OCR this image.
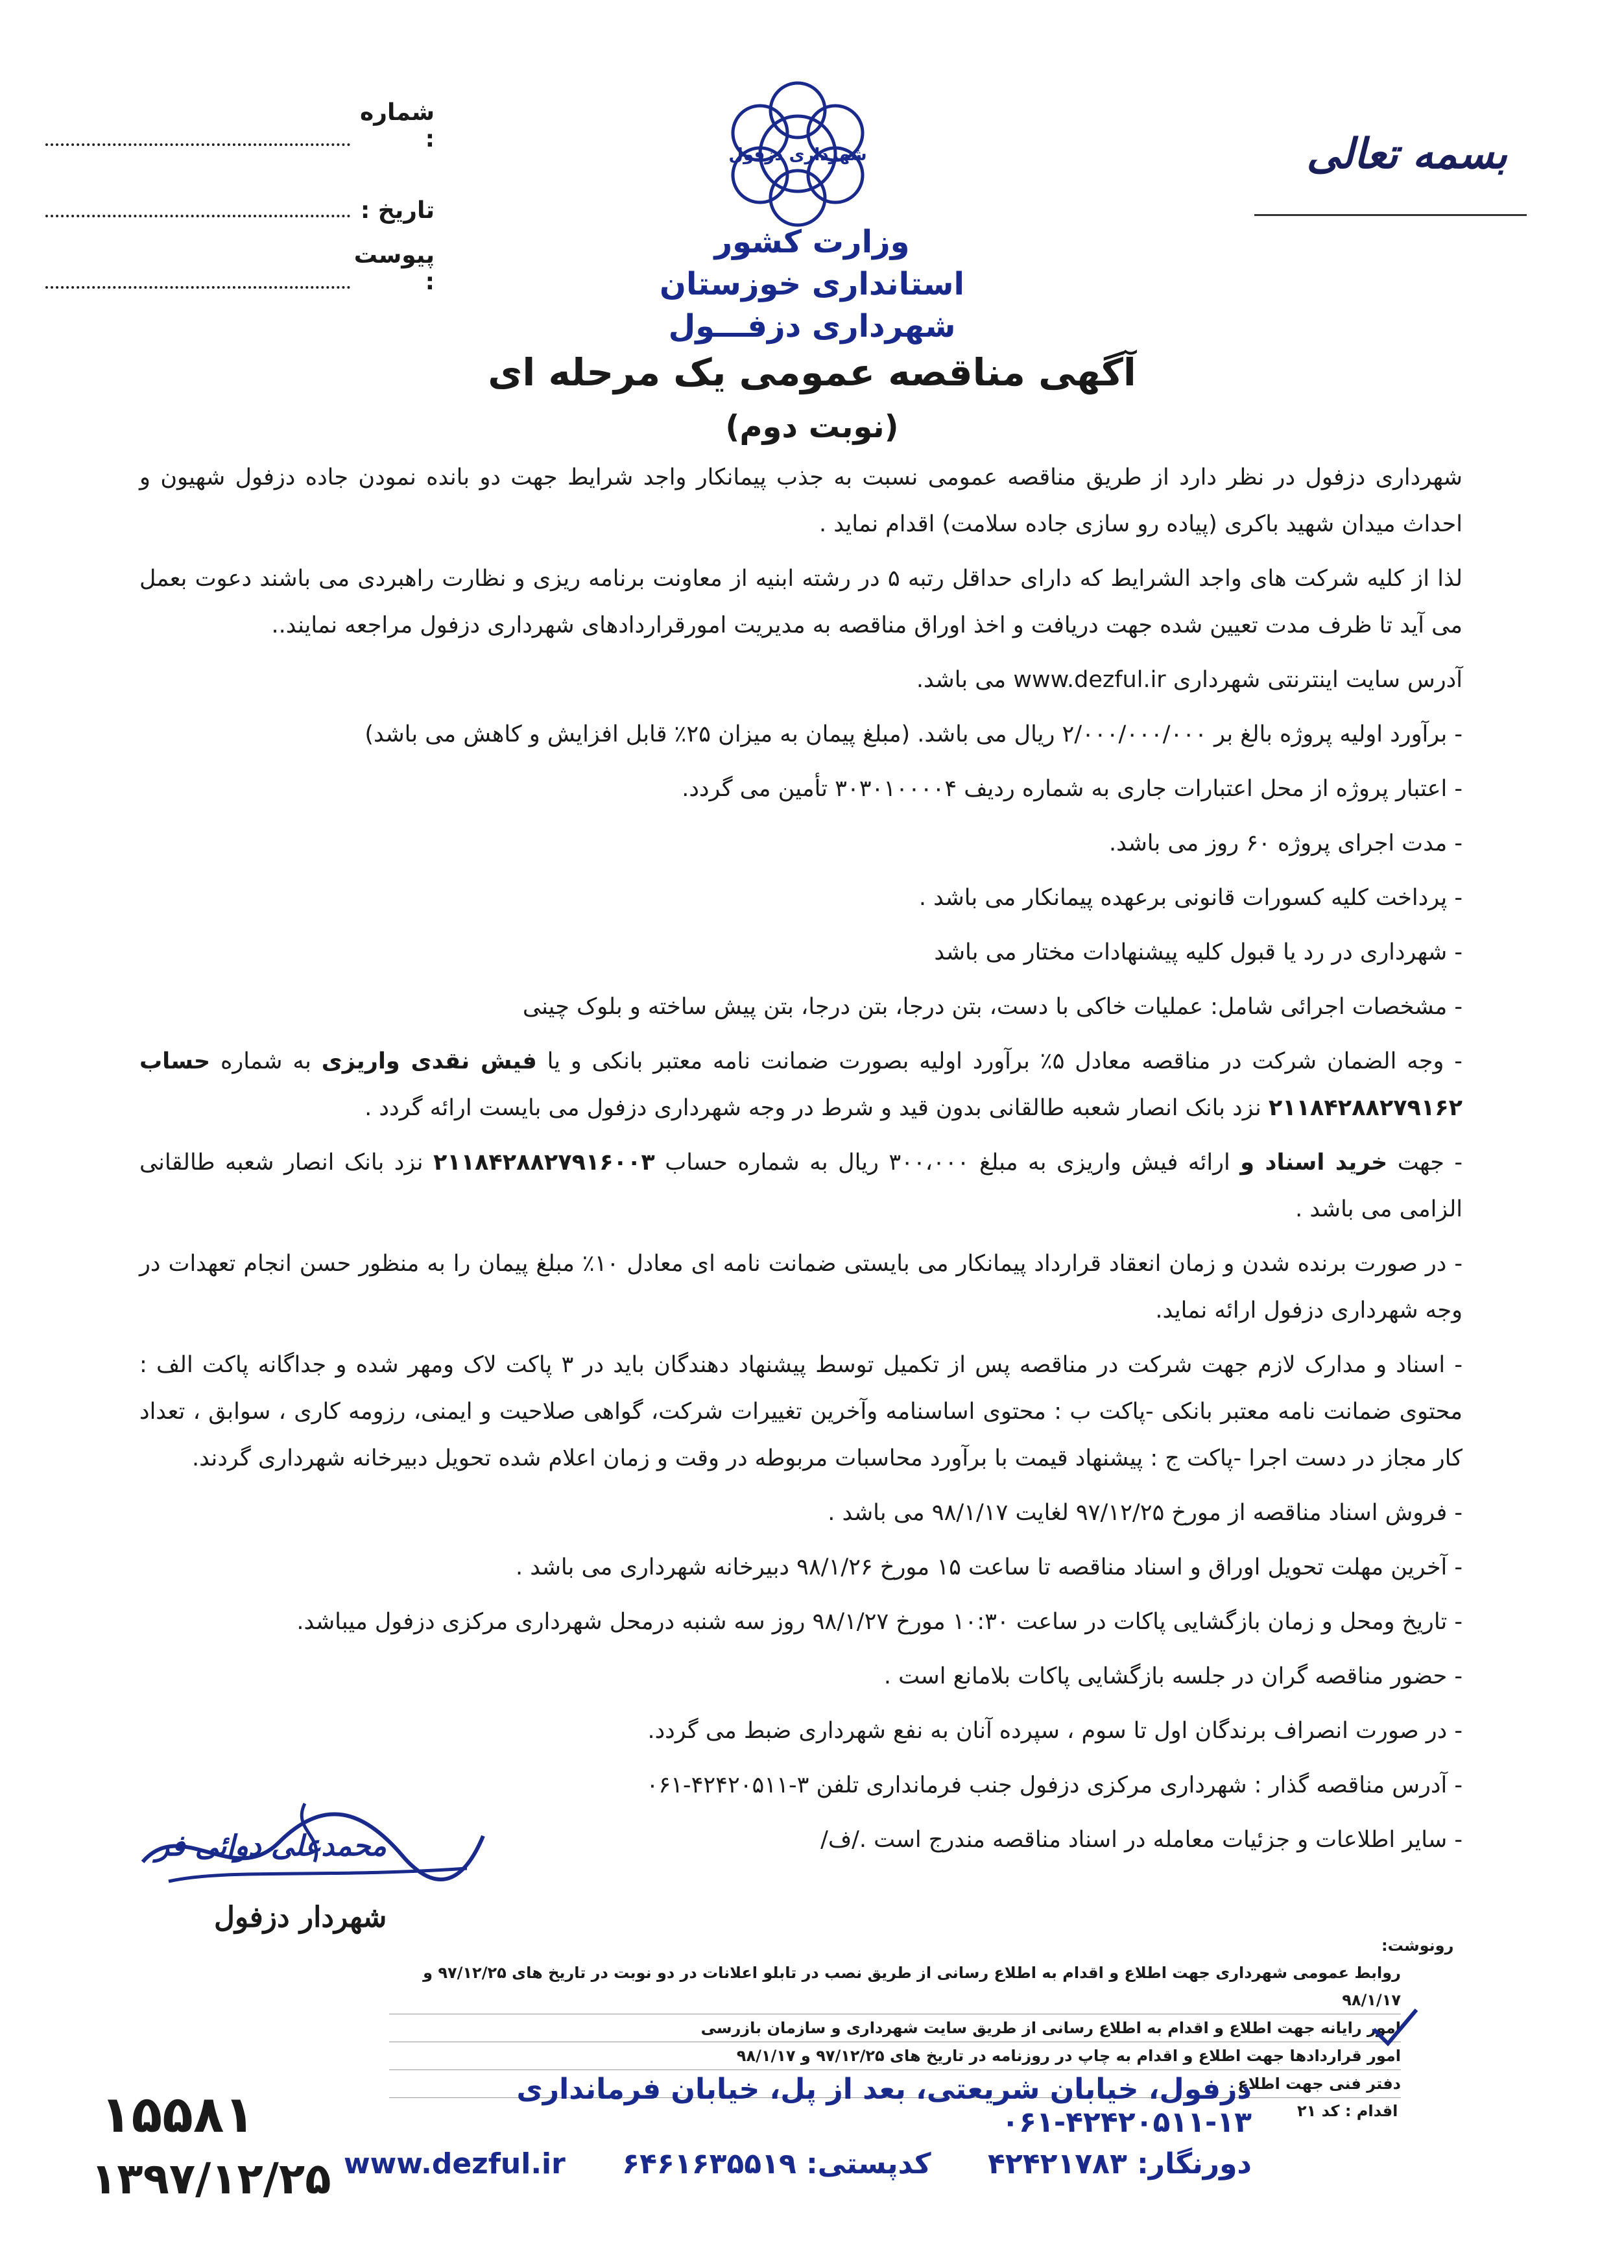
شماره :
تاریخ :
پیوست :
بسمه تعالی
شهرداری دزفول
وزارت کشور
استانداری خوزستان
شهرداری دزفـــول
آگهی مناقصه عمومی یک مرحله ای
(نوبت دوم)

شهرداری دزفول در نظر دارد از طریق مناقصه عمومی نسبت به جذب پیمانکار واجد شرایط جهت دو بانده نمودن جاده دزفول شهیون و احداث میدان شهید باکری (پیاده رو سازی جاده سلامت) اقدام نماید .

لذا از کلیه شرکت های واجد الشرایط که دارای حداقل رتبه ۵ در رشته ابنیه از معاونت برنامه ریزی و نظارت راهبردی می باشند دعوت بعمل می آید تا ظرف مدت تعیین شده جهت دریافت و اخذ اوراق مناقصه به مدیریت امورقراردادهای شهرداری دزفول مراجعه نمایند..

آدرس سایت اینترنتی شهرداری www.dezful.ir می باشد.

- برآورد اولیه پروژه بالغ بر ۲/۰۰۰/۰۰۰/۰۰۰ ریال می باشد. (مبلغ پیمان به میزان ۲۵٪ قابل افزایش و کاهش می باشد)

- اعتبار پروژه از محل اعتبارات جاری به شماره ردیف ۳۰۳۰۱۰۰۰۰۴ تأمین می گردد.

- مدت اجرای پروژه ۶۰ روز می باشد.

- پرداخت کلیه کسورات قانونی برعهده پیمانکار می باشد .

- شهرداری در رد یا قبول کلیه پیشنهادات مختار می باشد

- مشخصات اجرائی شامل: عملیات خاکی با دست، بتن درجا، بتن درجا، بتن پیش ساخته و بلوک چینی

- وجه الضمان شرکت در مناقصه معادل ۵٪ برآورد اولیه بصورت ضمانت نامه معتبر بانکی و یا فیش نقدی واریزی به شماره حساب ۲۱۱۸۴۲۸۸۲۷۹۱۶۲ نزد بانک انصار شعبه طالقانی بدون قید و شرط در وجه شهرداری دزفول می بایست ارائه گردد .

- جهت خرید اسناد و ارائه فیش واریزی به مبلغ ۳۰۰،۰۰۰ ریال به شماره حساب ۲۱۱۸۴۲۸۸۲۷۹۱۶۰۰۳ نزد بانک انصار شعبه طالقانی الزامی می باشد .

- در صورت برنده شدن و زمان انعقاد قرارداد پیمانکار می بایستی ضمانت نامه ای معادل ۱۰٪ مبلغ پیمان را به منظور حسن انجام تعهدات در وجه شهرداری دزفول ارائه نماید.

- اسناد و مدارک لازم جهت شرکت در مناقصه پس از تکمیل توسط پیشنهاد دهندگان باید در ۳ پاکت لاک ومهر شده و جداگانه پاکت الف : محتوی ضمانت نامه معتبر بانکی -پاکت ب : محتوی اساسنامه وآخرین تغییرات شرکت، گواهی صلاحیت و ایمنی، رزومه کاری ، سوابق ، تعداد کار مجاز در دست اجرا -پاکت ج : پیشنهاد قیمت با برآورد محاسبات مربوطه در وقت و زمان اعلام شده تحویل دبیرخانه شهرداری گردند.

- فروش اسناد مناقصه از مورخ ۹۷/۱۲/۲۵ لغایت ۹۸/۱/۱۷ می باشد .

- آخرین مهلت تحویل اوراق و اسناد مناقصه تا ساعت ۱۵ مورخ ۹۸/۱/۲۶ دبیرخانه شهرداری می باشد .

- تاریخ ومحل و زمان بازگشایی پاکات در ساعت ۱۰:۳۰ مورخ ۹۸/۱/۲۷ روز سه شنبه درمحل شهرداری مرکزی دزفول میباشد.

- حضور مناقصه گران در جلسه بازگشایی پاکات بلامانع است .

- در صورت انصراف برندگان اول تا سوم ، سپرده آنان به نفع شهرداری ضبط می گردد.

- آدرس مناقصه گذار : شهرداری مرکزی دزفول جنب فرمانداری تلفن ۳-۴۲۴۲۰۵۱۱-۰۶۱

- سایر اطلاعات و جزئیات معامله در اسناد مناقصه مندرج است ./ف/

محمدعلی دوائی فر
شهردار دزفول
رونوشت:
روابط عمومی شهرداری جهت اطلاع و اقدام به اطلاع رسانی از طریق نصب در تابلو اعلانات در دو نوبت در تاریخ های ۹۷/۱۲/۲۵ و ۹۸/۱/۱۷
امور رایانه جهت اطلاع و اقدام به اطلاع رسانی از طریق سایت شهرداری و سازمان بازرسی
امور قراردادها جهت اطلاع و اقدام به چاپ در روزنامه در تاریخ های ۹۷/۱۲/۲۵ و ۹۸/۱/۱۷
دفتر فنی جهت اطلاع
اقدام : کد ۲۱
۱۵۵۸۱
۱۳۹۷/۱۲/۲۵
دزفول، خیابان شریعتی، بعد از پل، خیابان فرمانداری ۱۳-۴۲۴۲۰۵۱۱-۰۶۱
دورنگار: ۴۲۴۲۱۷۸۳
کدپستی: ۶۴۶۱۶۳۵۵۱۹
www.dezful.ir
